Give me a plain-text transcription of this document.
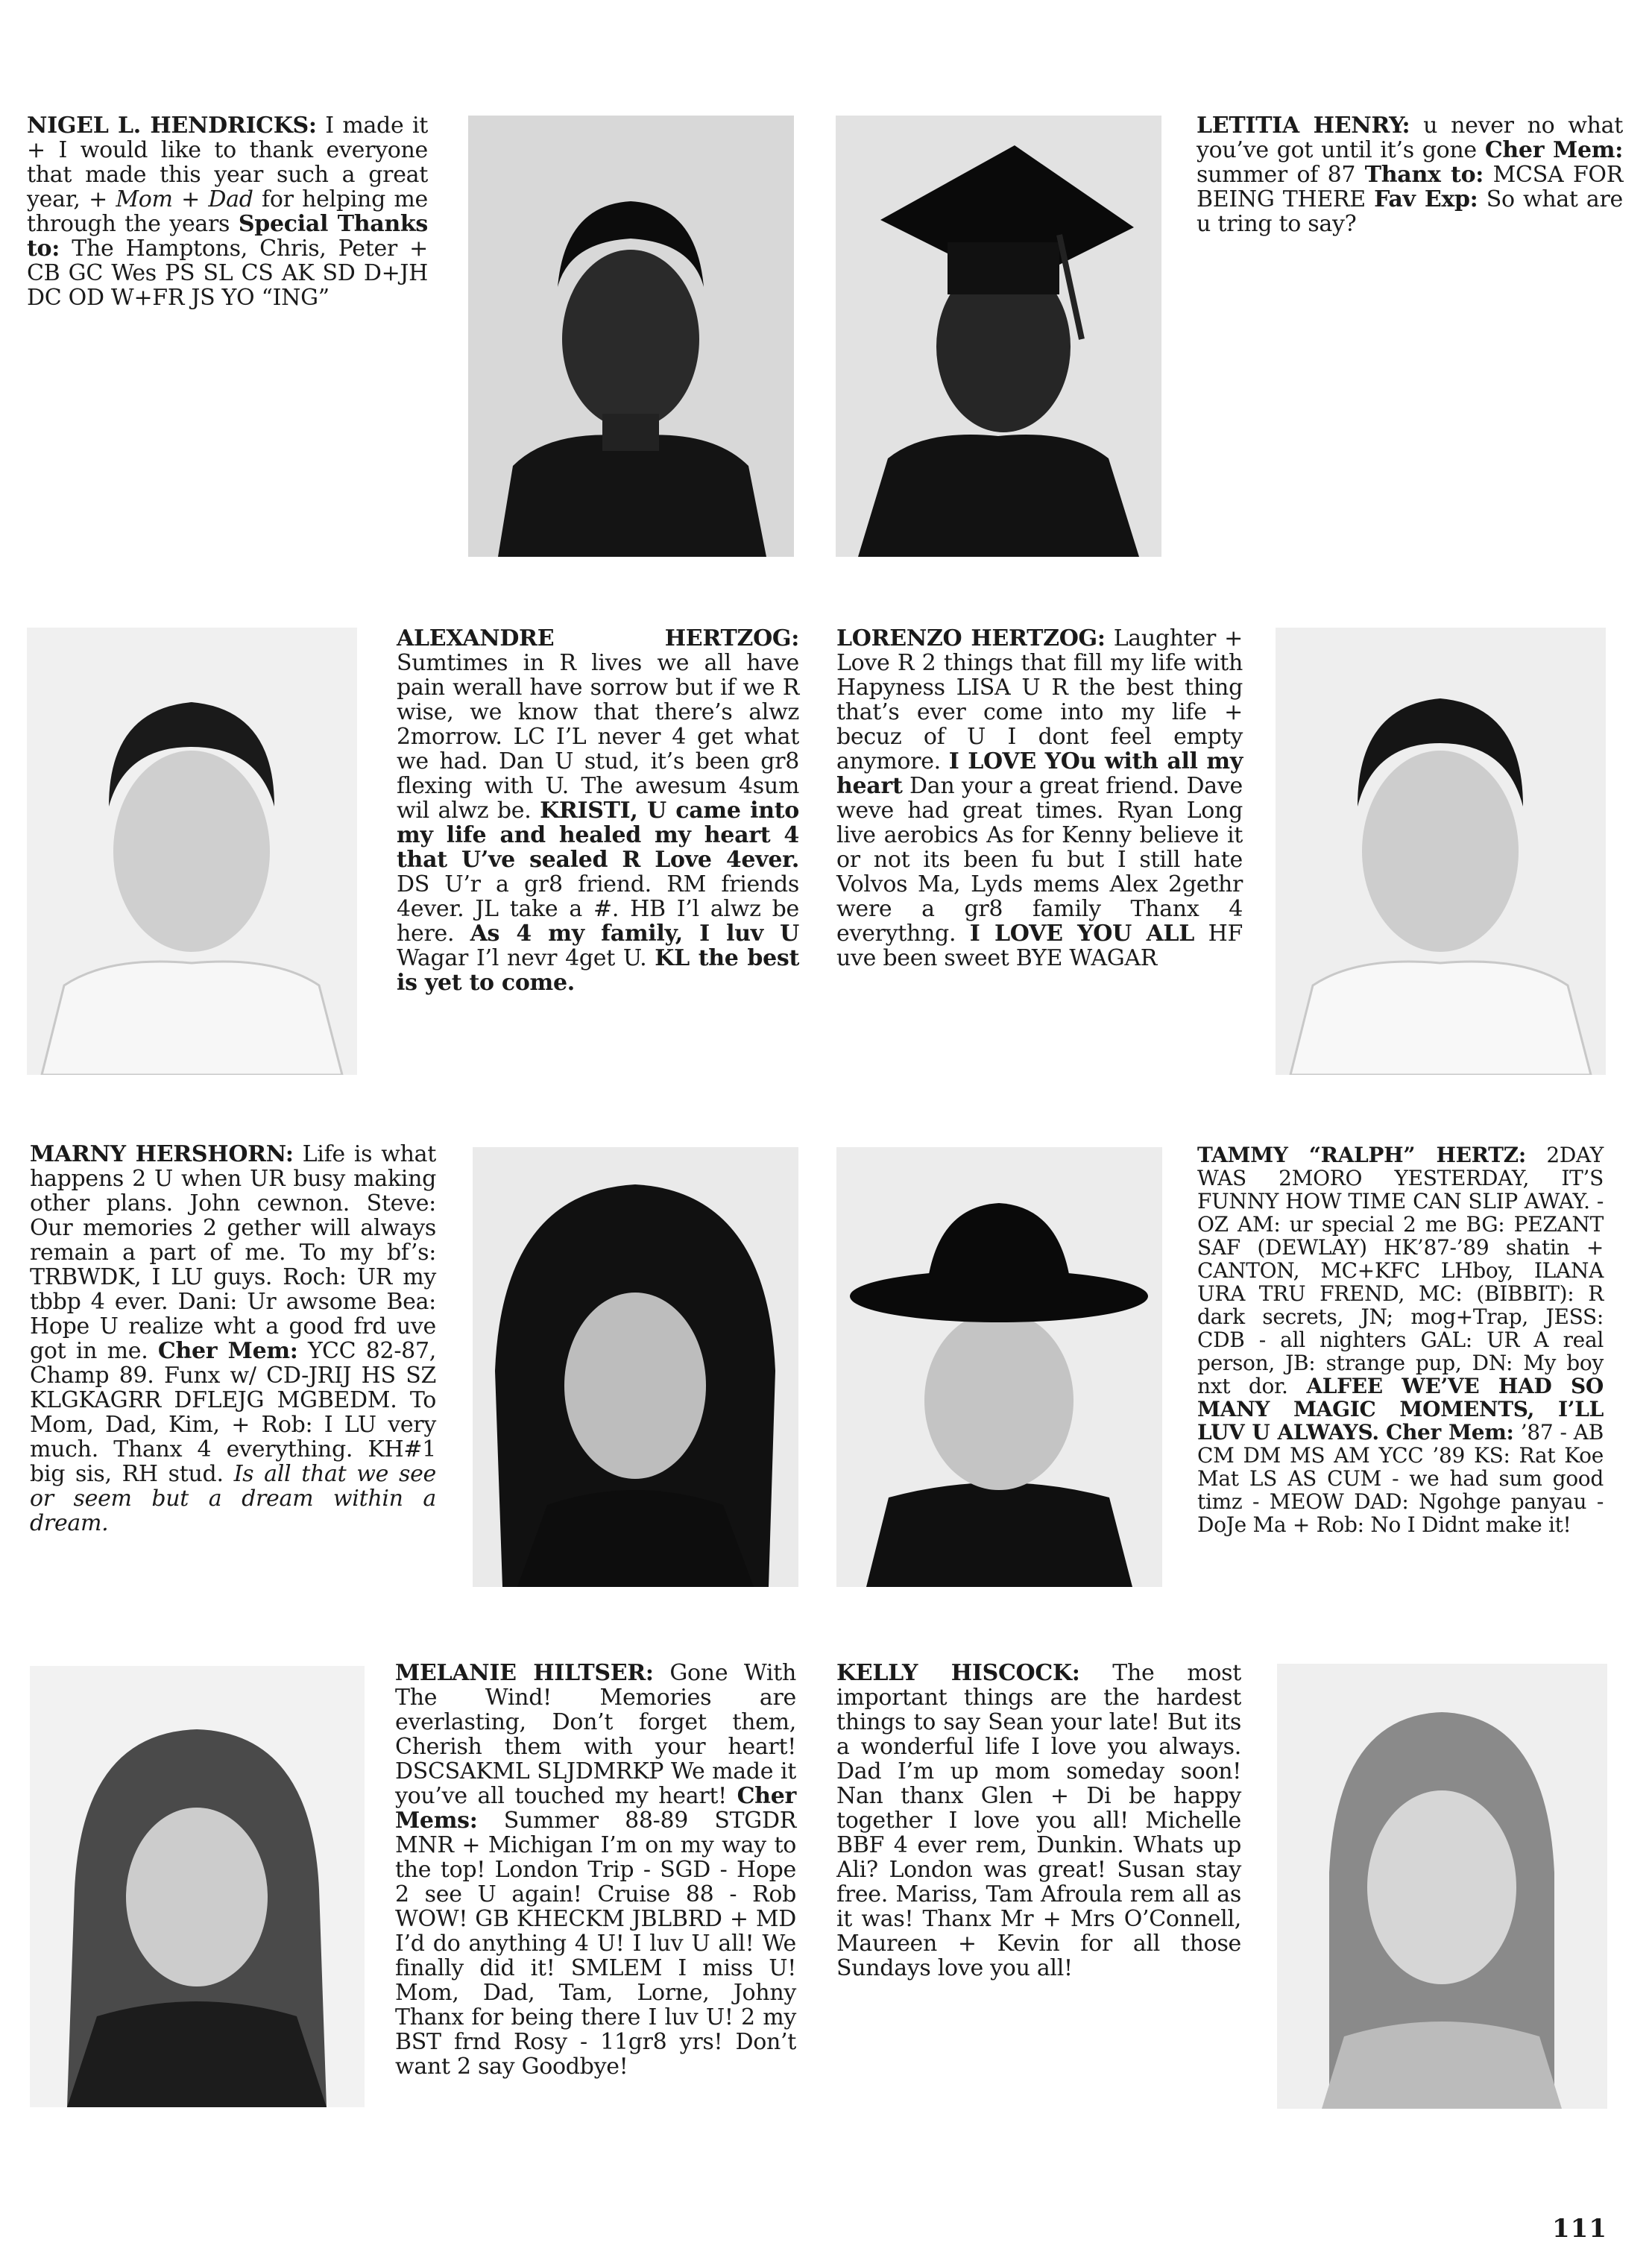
NIGEL L. HENDRICKS: I made it + I would like to thank everyone that made this year such a great year, + Mom + Dad for helping me through the years Special Thanks to: The Hamptons, Chris, Peter + CB GC Wes PS SL CS AK SD D+JH DC OD W+FR JS YO “ING”
LETITIA HENRY: u never no what you’ve got until it’s gone Cher Mem: summer of 87 Thanx to: MCSA FOR BEING THERE Fav Exp: So what are u tring to say?
ALEXANDRE HERTZOG: Sumtimes in R lives we all have pain werall have sorrow but if we R wise, we know that there’s alwz 2morrow. LC I’L never 4 get what we had. Dan U stud, it’s been gr8 flexing with U. The awesum 4sum wil alwz be. KRISTI, U came into my life and healed my heart 4 that U’ve sealed R Love 4ever. DS U’r a gr8 friend. RM friends 4ever. JL take a #. HB I’l alwz be here. As 4 my family, I luv U Wagar I’l nevr 4get U. KL the best is yet to come.
LORENZO HERTZOG: Laughter + Love R 2 things that fill my life with Hapyness LISA U R the best thing that’s ever come into my life + becuz of U I dont feel empty anymore. I LOVE YOu with all my heart Dan your a great friend. Dave weve had great times. Ryan Long live aerobics As for Kenny believe it or not its been fu but I still hate Volvos Ma, Lyds mems Alex 2gethr were a gr8 family Thanx 4 everythng. I LOVE YOU ALL HF uve been sweet BYE WAGAR
MARNY HERSHORN: Life is what happens 2 U when UR busy making other plans. John cewnon. Steve: Our memories 2 gether will always remain a part of me. To my bf’s: TRBWDK, I LU guys. Roch: UR my tbbp 4 ever. Dani: Ur awsome Bea: Hope U realize wht a good frd uve got in me. Cher Mem: YCC 82-87, Champ 89. Funx w/ CD-JRIJ HS SZ KLGKAGRR DFLEJG MGBEDM. To Mom, Dad, Kim, + Rob: I LU very much. Thanx 4 everything. KH#1 big sis, RH stud. Is all that we see or seem but a dream within a dream.
TAMMY “RALPH” HERTZ: 2DAY WAS 2MORO YESTERDAY, IT’S FUNNY HOW TIME CAN SLIP AWAY. - OZ AM: ur special 2 me BG: PEZANT SAF (DEWLAY) HK’87-’89 shatin + CANTON, MC+KFC LHboy, ILANA URA TRU FREND, MC: (BIBBIT): R dark secrets, JN; mog+Trap, JESS: CDB - all nighters GAL: UR A real person, JB: strange pup, DN: My boy nxt dor. ALFEE WE’VE HAD SO MANY MAGIC MOMENTS, I’LL LUV U ALWAYS. Cher Mem: ’87 - AB CM DM MS AM YCC ’89 KS: Rat Koe Mat LS AS CUM - we had sum good timz - MEOW DAD: Ngohge panyau - DoJe Ma + Rob: No I Didnt make it!
MELANIE HILTSER: Gone With The Wind! Memories are everlasting, Don’t forget them, Cherish them with your heart! DSCSAKML SLJDMRKP We made it you’ve all touched my heart! Cher Mems: Summer 88-89 STGDR MNR + Michigan I’m on my way to the top! London Trip - SGD - Hope 2 see U again! Cruise 88 - Rob WOW! GB KHECKM JBLBRD + MD I’d do anything 4 U! I luv U all! We finally did it! SMLEM I miss U! Mom, Dad, Tam, Lorne, Johny Thanx for being there I luv U! 2 my BST frnd Rosy - 11gr8 yrs! Don’t want 2 say Goodbye!
KELLY HISCOCK: The most important things are the hardest things to say Sean your late! But its a wonderful life I love you always. Dad I’m up mom someday soon! Nan thanx Glen + Di be happy together I love you all! Michelle BBF 4 ever rem, Dunkin. Whats up Ali? London was great! Susan stay free. Mariss, Tam Afroula rem all as it was! Thanx Mr + Mrs O’Connell, Maureen + Kevin for all those Sundays love you all!
111
